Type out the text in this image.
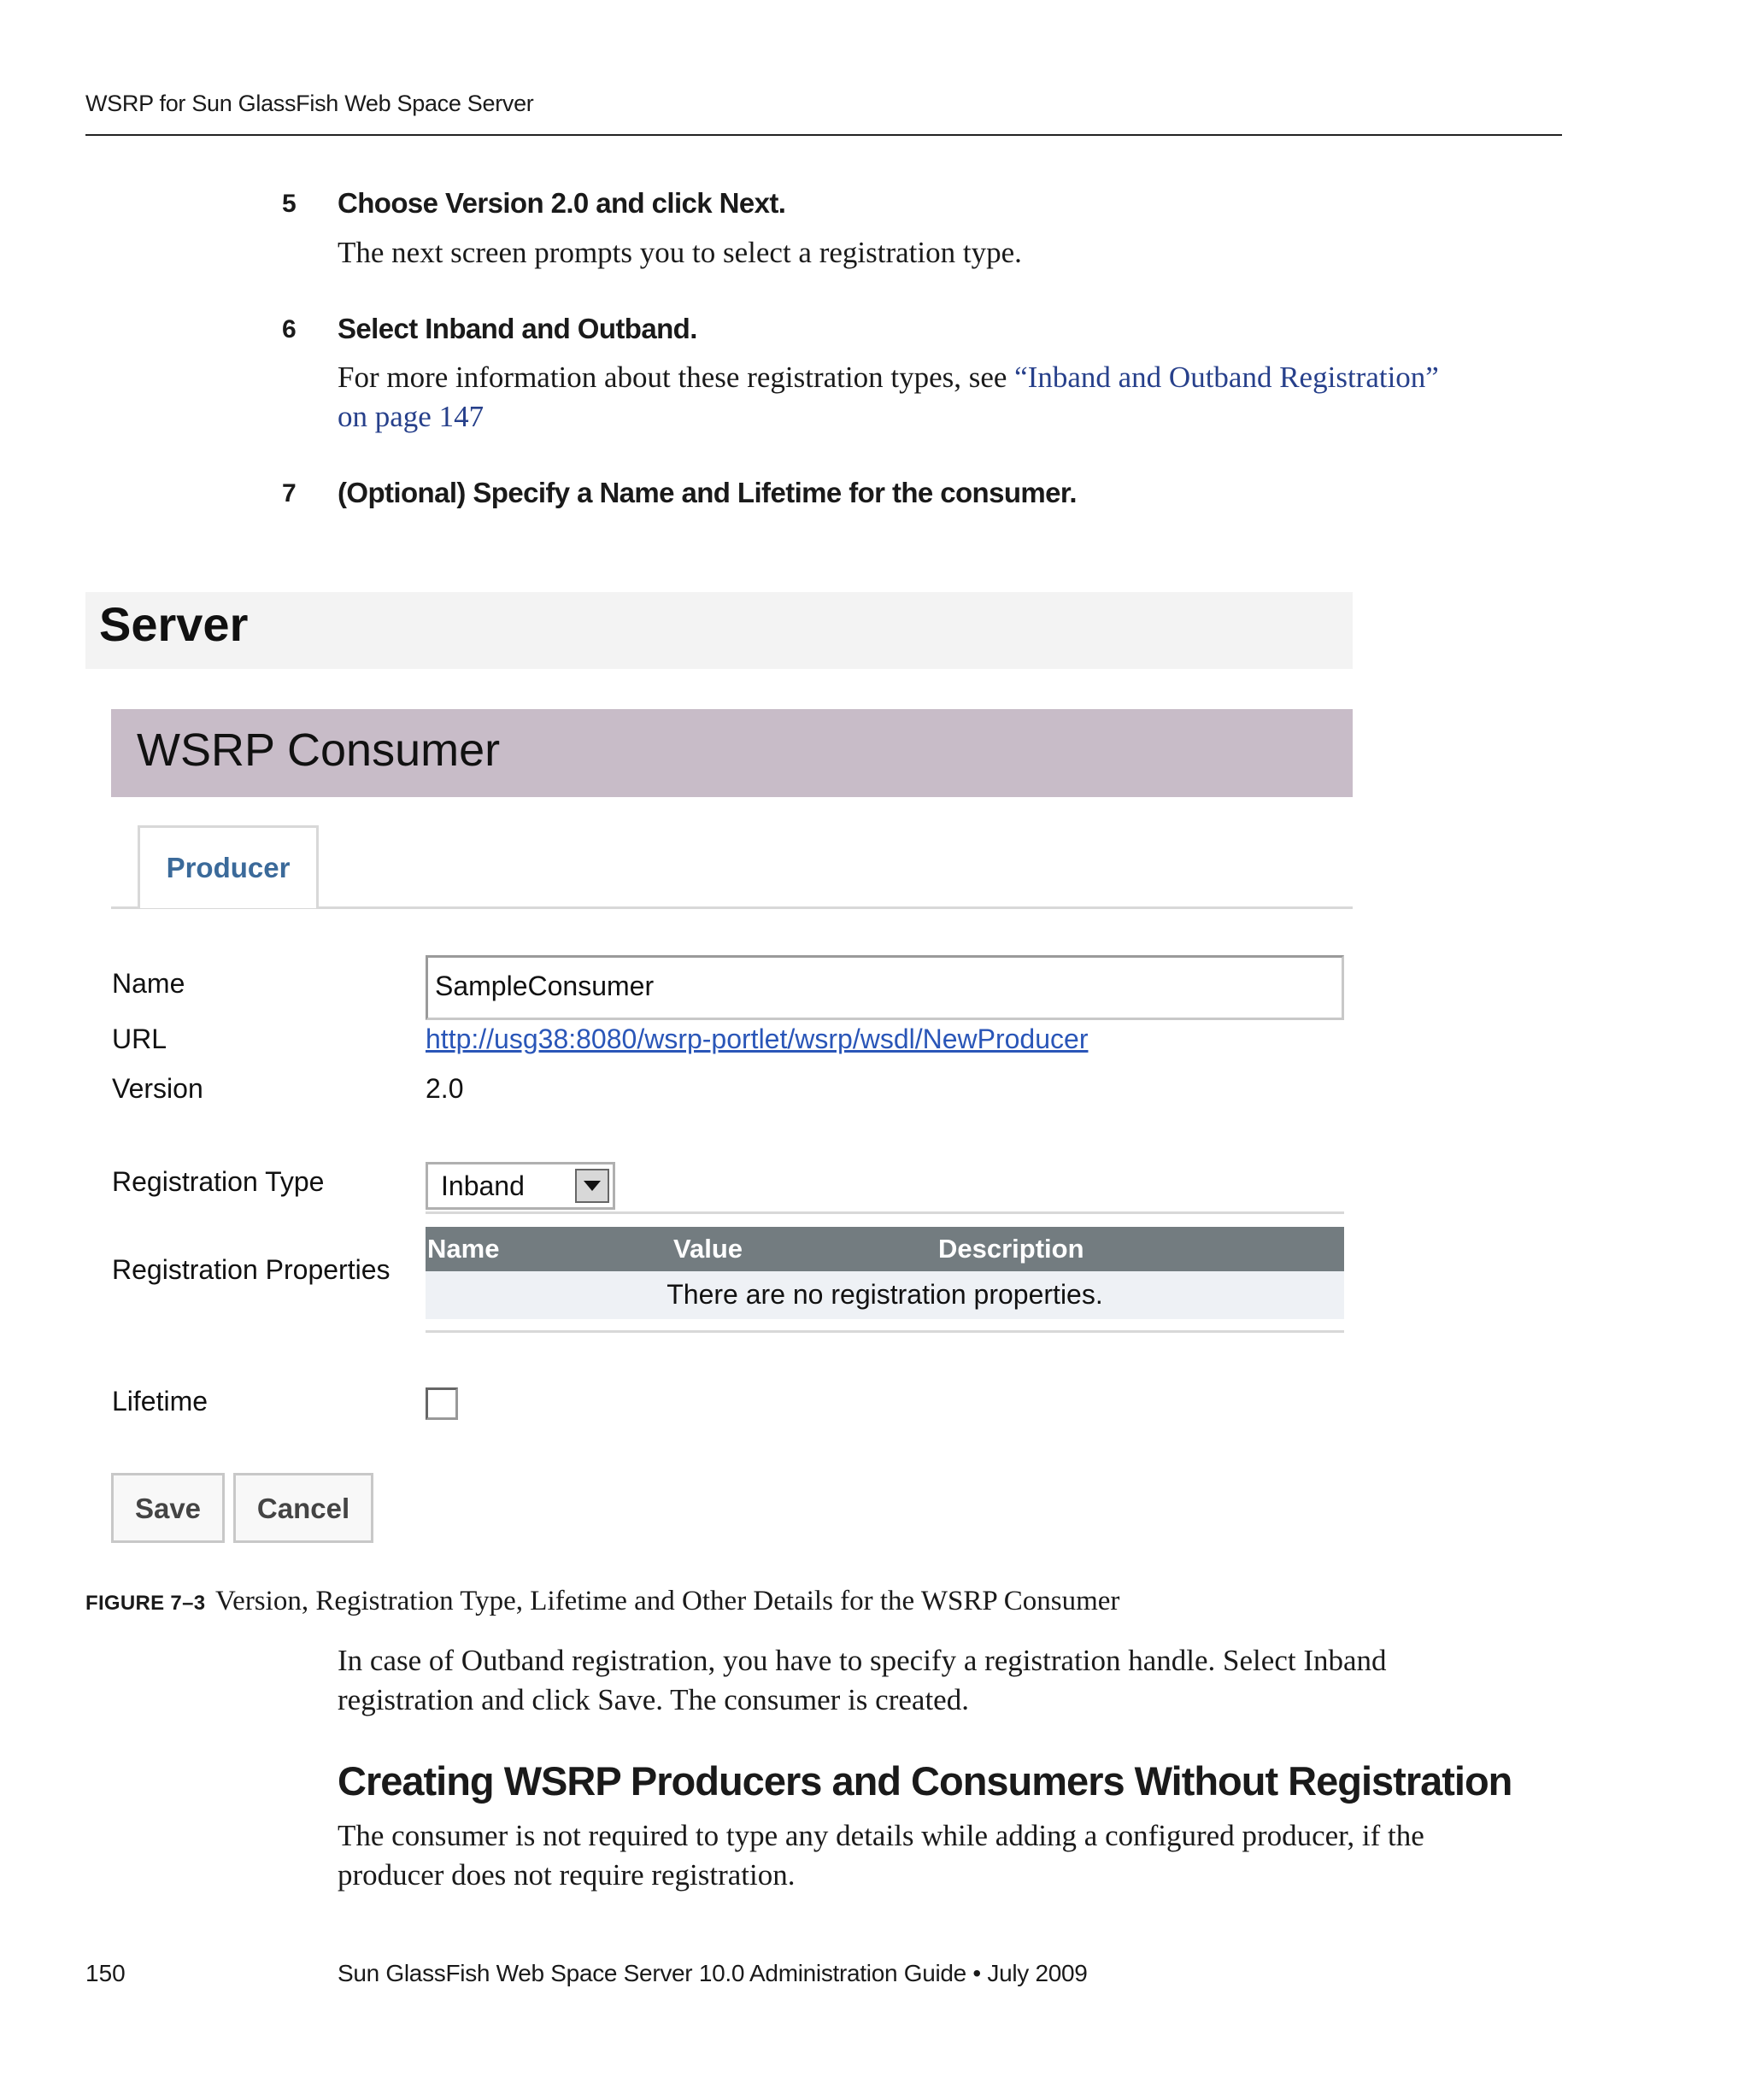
WSRP for Sun GlassFish Web Space Server
5 Choose Version 2.0 and click Next.
The next screen prompts you to select a registration type.
6 Select Inband and Outband.
For more information about these registration types, see “Inband and Outband Registration”
on page 147
7 (Optional) Specify a Name and Lifetime for the consumer.
Server
WSRP Consumer
Producer
Name	SampleConsumer
URL	http://usg38:8080/wsrp-portlet/wsrp/wsdl/NewProducer
Version	2.0
Registration Type	Inband
Registration Properties
Name	Value	Description
There are no registration properties.
Lifetime
Save	Cancel
FIGURE 7–3 Version, Registration Type, Lifetime and Other Details for the WSRP Consumer
In case of Outband registration, you have to specify a registration handle. Select Inband
registration and click Save. The consumer is created.
Creating WSRP Producers and Consumers Without Registration
The consumer is not required to type any details while adding a configured producer, if the
producer does not require registration.
150	Sun GlassFish Web Space Server 10.0 Administration Guide • July 2009
